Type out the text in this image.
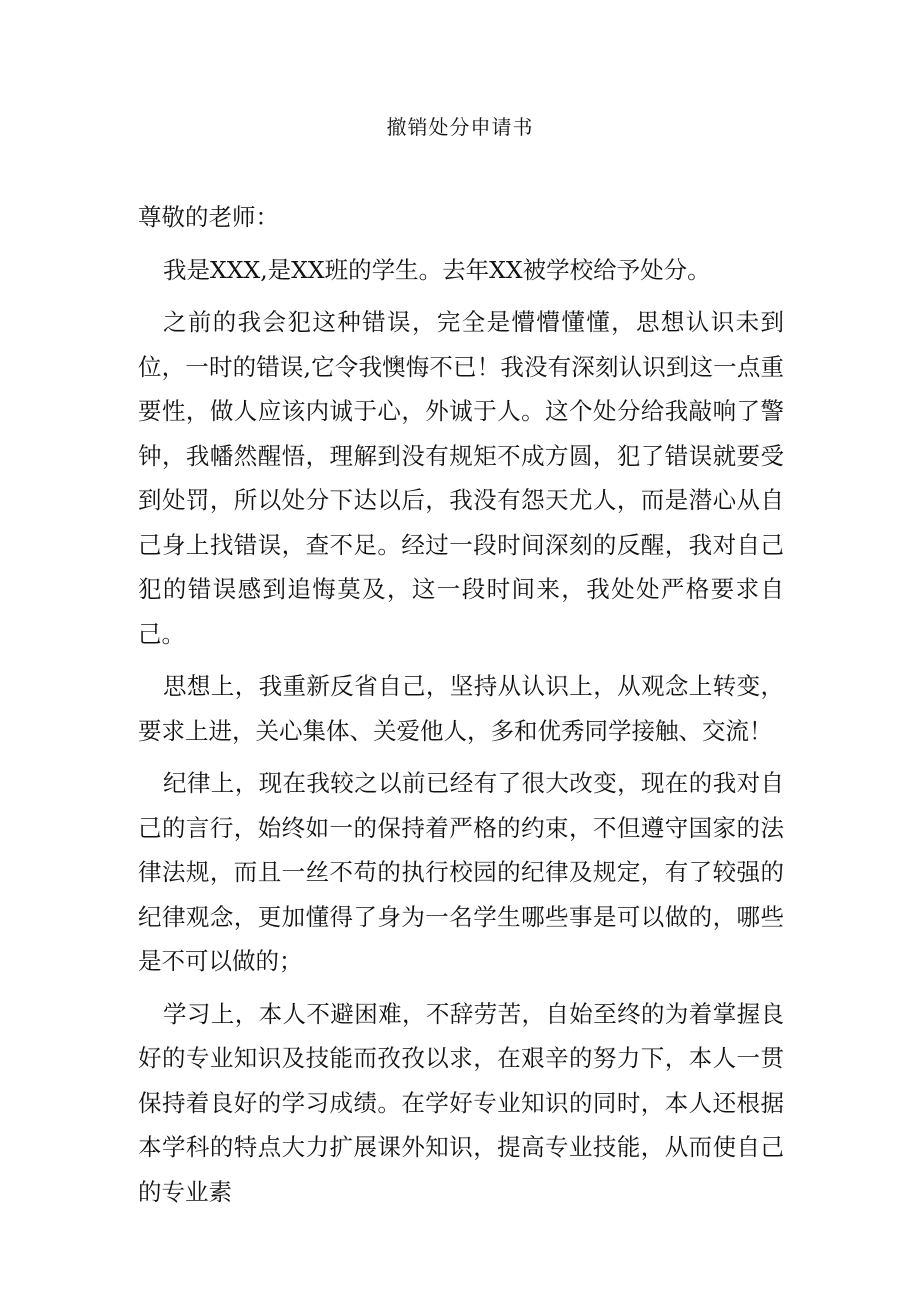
撤销处分申请书

尊敬的老师：

我是XXX,是XX班的学生。去年XX被学校给予处分。

之前的我会犯这种错误，完全是懵懵懂懂，思想认识未到位，一时的错误,它令我懊悔不已！我没有深刻认识到这一点重要性，做人应该内诚于心，外诚于人。这个处分给我敲响了警钟，我幡然醒悟，理解到没有规矩不成方圆，犯了错误就要受到处罚，所以处分下达以后，我没有怨天尤人，而是潜心从自己身上找错误，查不足。经过一段时间深刻的反醒，我对自己犯的错误感到追悔莫及，这一段时间来，我处处严格要求自己。

思想上，我重新反省自己，坚持从认识上，从观念上转变，要求上进，关心集体、关爱他人，多和优秀同学接触、交流！

纪律上，现在我较之以前已经有了很大改变，现在的我对自己的言行，始终如一的保持着严格的约束，不但遵守国家的法律法规，而且一丝不苟的执行校园的纪律及规定，有了较强的纪律观念，更加懂得了身为一名学生哪些事是可以做的，哪些是不可以做的；

学习上，本人不避困难，不辞劳苦，自始至终的为着掌握良好的专业知识及技能而孜孜以求，在艰辛的努力下，本人一贯保持着良好的学习成绩。在学好专业知识的同时，本人还根据本学科的特点大力扩展课外知识，提高专业技能，从而使自己的专业素
